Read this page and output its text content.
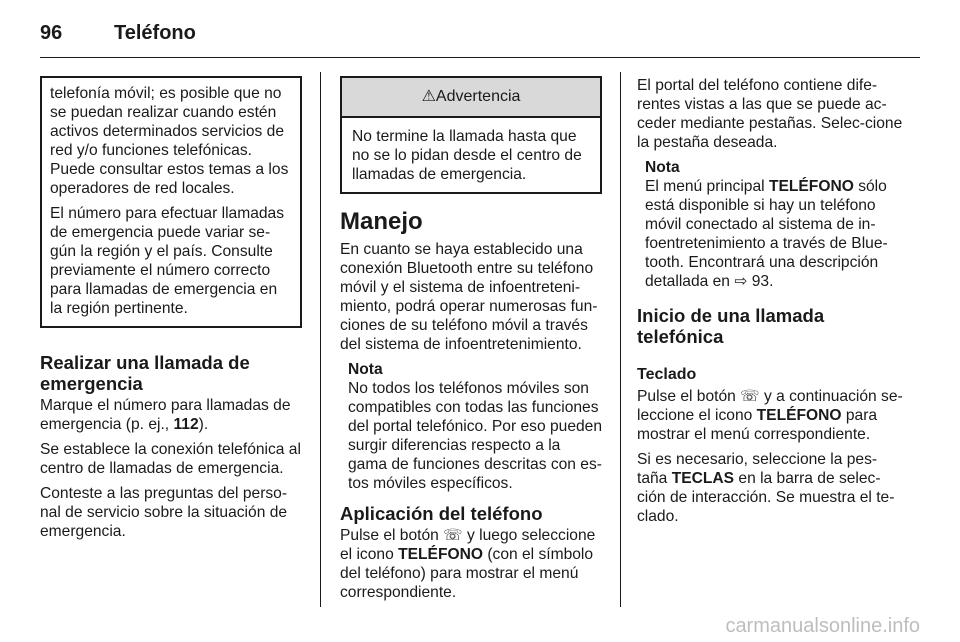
96	Teléfono

telefonía móvil; es posible que no se puedan realizar cuando estén activos determinados servicios de red y/o funciones telefónicas. Puede consultar estos temas a los operadores de red locales.

El número para efectuar llamadas de emergencia puede variar se-gún la región y el país. Consulte previamente el número correcto para llamadas de emergencia en la región pertinente.

Realizar una llamada de emergencia

Marque el número para llamadas de emergencia (p. ej., 112).

Se establece la conexión telefónica al centro de llamadas de emergencia.

Conteste a las preguntas del perso-nal de servicio sobre la situación de emergencia.

⚠Advertencia
No termine la llamada hasta que no se lo pidan desde el centro de llamadas de emergencia.
Manejo

En cuanto se haya establecido una conexión Bluetooth entre su teléfono móvil y el sistema de infoentreteni-miento, podrá operar numerosas fun-ciones de su teléfono móvil a través del sistema de infoentretenimiento.

Nota
No todos los teléfonos móviles son compatibles con todas las funciones del portal telefónico. Por eso pueden surgir diferencias respecto a la gama de funciones descritas con es-tos móviles específicos.
Aplicación del teléfono

Pulse el botón ☏ y luego seleccione el icono TELÉFONO (con el símbolo del teléfono) para mostrar el menú correspondiente.

El portal del teléfono contiene dife-rentes vistas a las que se puede ac-ceder mediante pestañas. Selec-cione la pestaña deseada.

Nota
El menú principal TELÉFONO sólo está disponible si hay un teléfono móvil conectado al sistema de in-foentretenimiento a través de Blue-tooth. Encontrará una descripción detallada en ⇨ 93.
Inicio de una llamada telefónica
Teclado

Pulse el botón ☏ y a continuación se-leccione el icono TELÉFONO para mostrar el menú correspondiente.

Si es necesario, seleccione la pes-taña TECLAS en la barra de selec-ción de interacción. Se muestra el te-clado.

carmanualsonline.info
